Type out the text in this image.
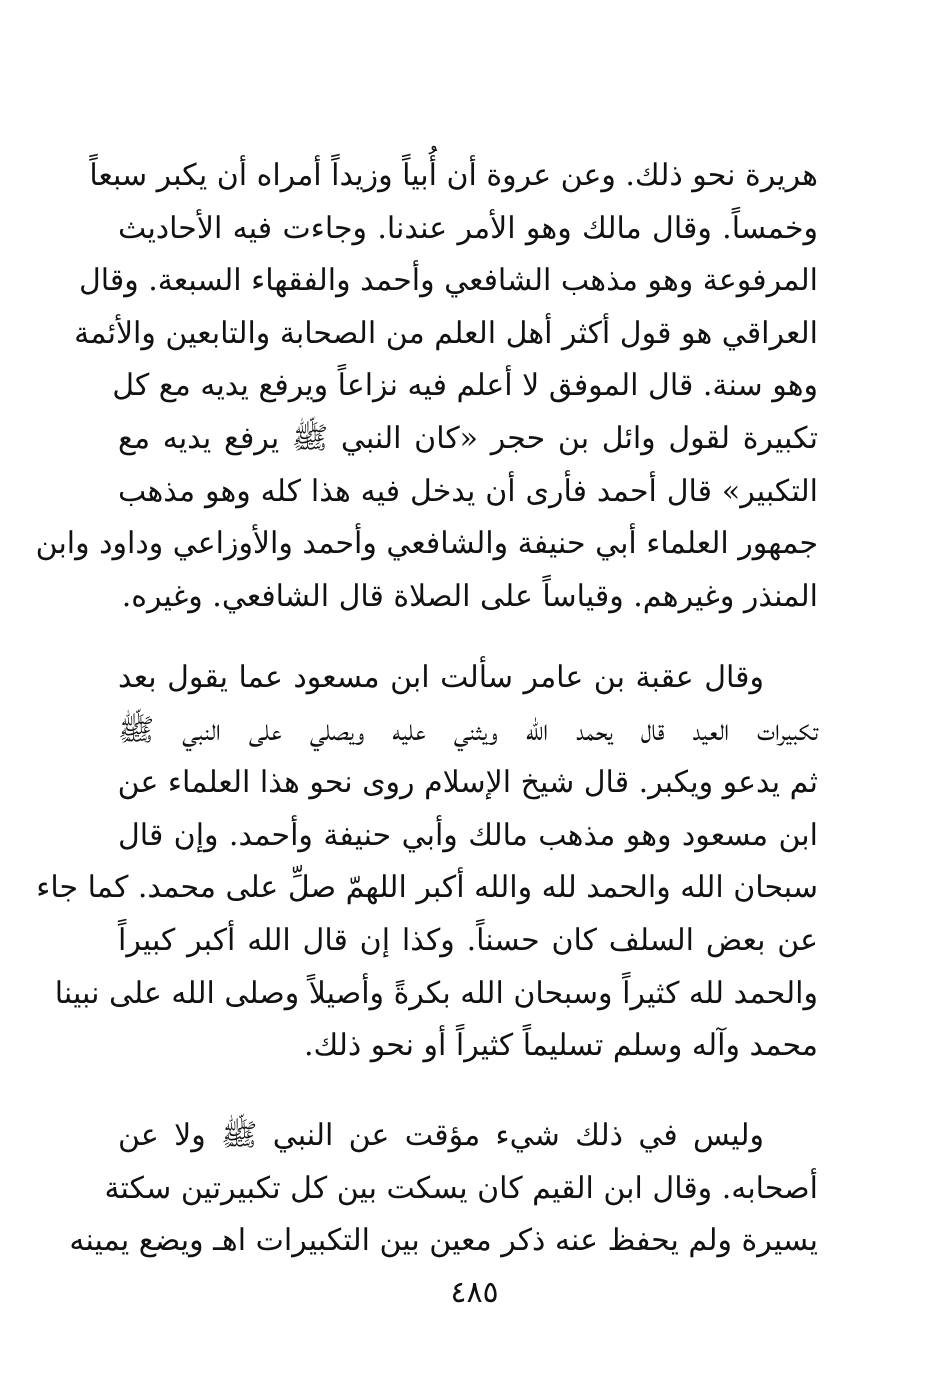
هريرة نحو ذلك. وعن عروة أن أُبياً وزيداً أمراه أن يكبر سبعاً
وخمساً. وقال مالك وهو الأمر عندنا. وجاءت فيه الأحاديث
المرفوعة وهو مذهب الشافعي وأحمد والفقهاء السبعة. وقال
العراقي هو قول أكثر أهل العلم من الصحابة والتابعين والأئمة
وهو سنة. قال الموفق لا أعلم فيه نزاعاً ويرفع يديه مع كل
تكبيرة لقول وائل بن حجر «كان النبي ﷺ يرفع يديه مع
التكبير» قال أحمد فأرى أن يدخل فيه هذا كله وهو مذهب
جمهور العلماء أبي حنيفة والشافعي وأحمد والأوزاعي وداود وابن
المنذر وغيرهم. وقياساً على الصلاة قال الشافعي. وغيره.
وقال عقبة بن عامر سألت ابن مسعود عما يقول بعد
تكبيرات العيد قال يحمد الله ويثني عليه ويصلي على النبي ﷺ
ثم يدعو ويكبر. قال شيخ الإسلام روى نحو هذا العلماء عن
ابن مسعود وهو مذهب مالك وأبي حنيفة وأحمد. وإن قال
سبحان الله والحمد لله والله أكبر اللهمّ صلِّ على محمد. كما جاء
عن بعض السلف كان حسناً. وكذا إن قال الله أكبر كبيراً
والحمد لله كثيراً وسبحان الله بكرةً وأصيلاً وصلى الله على نبينا
محمد وآله وسلم تسليماً كثيراً أو نحو ذلك.
وليس في ذلك شيء مؤقت عن النبي ﷺ ولا عن
أصحابه. وقال ابن القيم كان يسكت بين كل تكبيرتين سكتة
يسيرة ولم يحفظ عنه ذكر معين بين التكبيرات اهـ ويضع يمينه
٤٨٥
